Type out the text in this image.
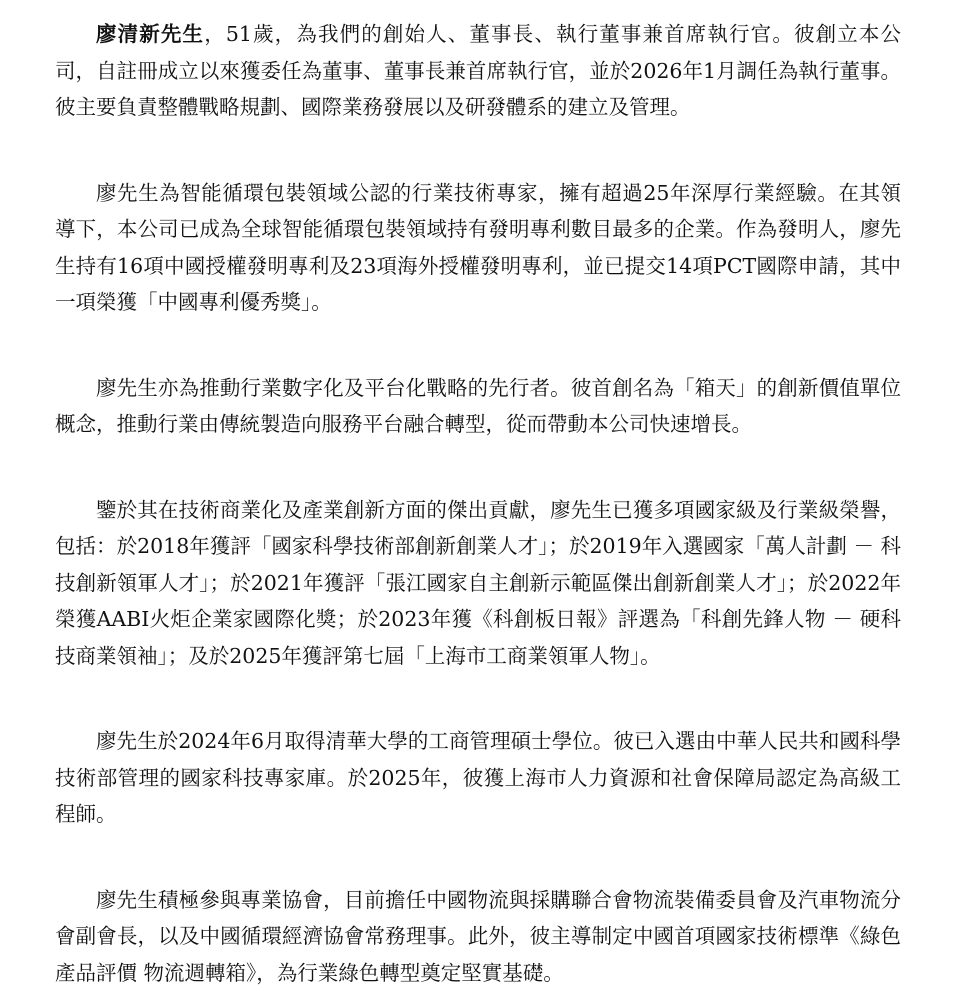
廖清新先生，51歲，為我們的創始人、董事長、執行董事兼首席執行官。彼創立本公司，自註冊成立以來獲委任為董事、董事長兼首席執行官，並於2026年1月調任為執行董事。彼主要負責整體戰略規劃、國際業務發展以及研發體系的建立及管理。

廖先生為智能循環包裝領域公認的行業技術專家，擁有超過25年深厚行業經驗。在其領導下，本公司已成為全球智能循環包裝領域持有發明專利數目最多的企業。作為發明人，廖先生持有16項中國授權發明專利及23項海外授權發明專利，並已提交14項PCT國際申請，其中一項榮獲「中國專利優秀獎」。

廖先生亦為推動行業數字化及平台化戰略的先行者。彼首創名為「箱天」的創新價值單位概念，推動行業由傳統製造向服務平台融合轉型，從而帶動本公司快速增長。

鑒於其在技術商業化及產業創新方面的傑出貢獻，廖先生已獲多項國家級及行業級榮譽，包括：於2018年獲評「國家科學技術部創新創業人才」；於2019年入選國家「萬人計劃 － 科技創新領軍人才」；於2021年獲評「張江國家自主創新示範區傑出創新創業人才」；於2022年榮獲AABI火炬企業家國際化獎；於2023年獲《科創板日報》評選為「科創先鋒人物 － 硬科技商業領袖」；及於2025年獲評第七屆「上海市工商業領軍人物」。

廖先生於2024年6月取得清華大學的工商管理碩士學位。彼已入選由中華人民共和國科學技術部管理的國家科技專家庫。於2025年，彼獲上海市人力資源和社會保障局認定為高級工程師。

廖先生積極參與專業協會，目前擔任中國物流與採購聯合會物流裝備委員會及汽車物流分會副會長，以及中國循環經濟協會常務理事。此外，彼主導制定中國首項國家技術標準《綠色產品評價 物流週轉箱》，為行業綠色轉型奠定堅實基礎。
